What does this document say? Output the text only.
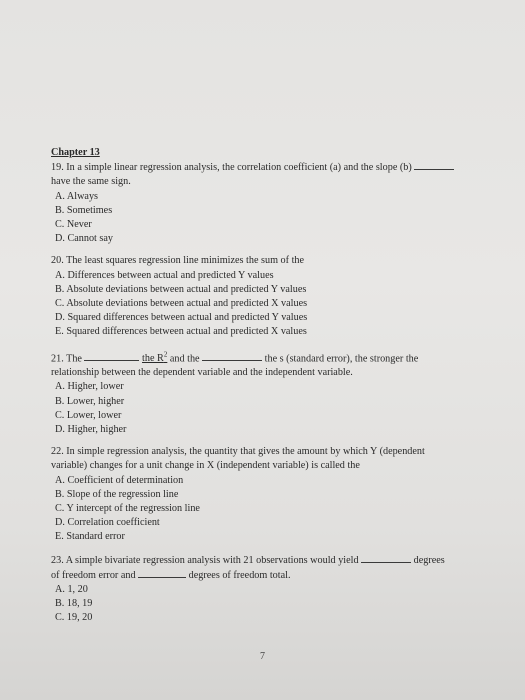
Chapter 13
19. In a simple linear regression analysis, the correlation coefficient (a) and the slope (b)
have the same sign.
A. Always
B. Sometimes
C. Never
D. Cannot say
20. The least squares regression line minimizes the sum of the
A. Differences between actual and predicted Y values
B. Absolute deviations between actual and predicted Y values
C. Absolute deviations between actual and predicted X values
D. Squared differences between actual and predicted Y values
E. Squared differences between actual and predicted X values
21. The	the $R^2$ and the	the s (standard error), the stronger the
relationship between the dependent variable and the independent variable.
A. Higher, lower
B. Lower, higher
C. Lower, lower
D. Higher, higher
22. In simple regression analysis, the quantity that gives the amount by which Y (dependent
variable) changes for a unit change in X (independent variable) is called the
A. Coefficient of determination
B. Slope of the regression line
C. Y intercept of the regression line
D. Correlation coefficient
E. Standard error
23. A simple bivariate regression analysis with 21 observations would yield	degrees
of freedom error and	degrees of freedom total.
A. 1, 20
B. 18, 19
C. 19, 20
7
